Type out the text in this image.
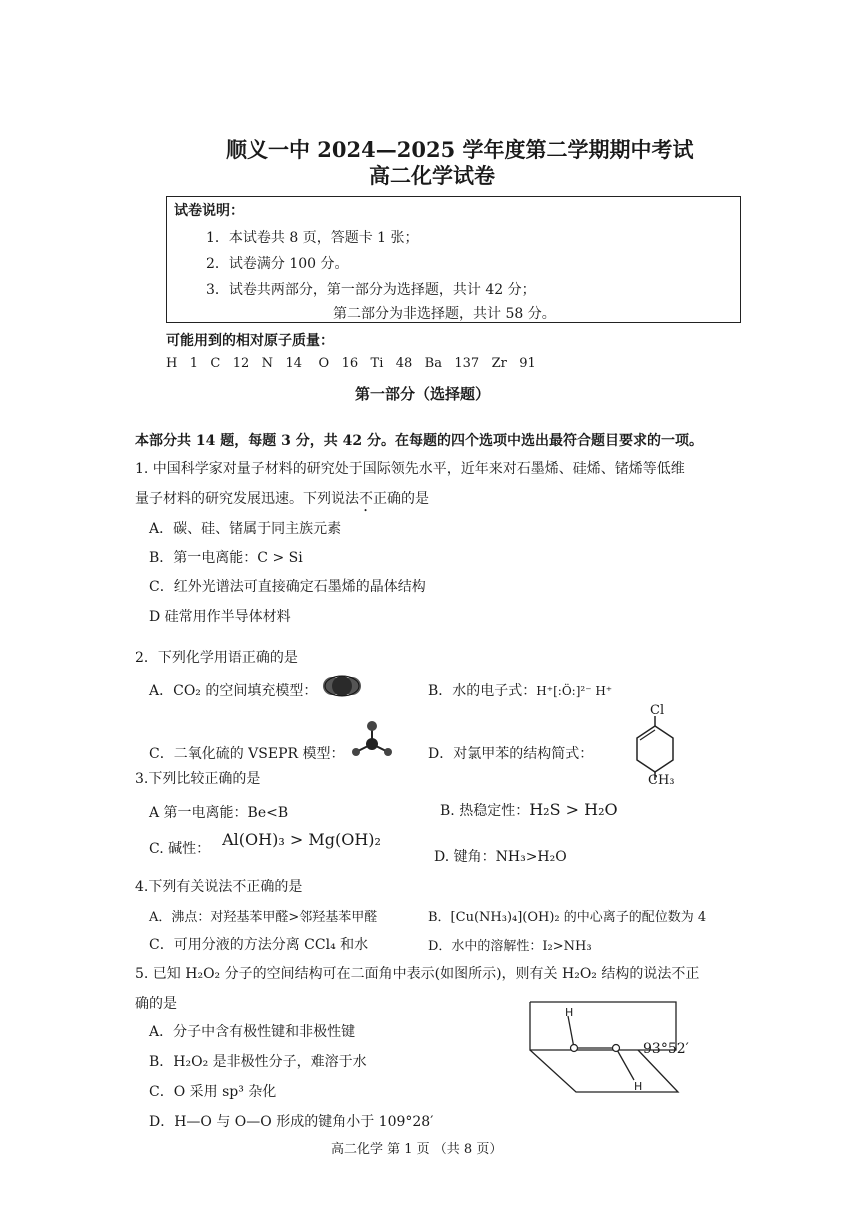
顺义一中 2024—2025 学年度第二学期期中考试
高二化学试卷
试卷说明：
1．本试卷共 8 页，答题卡 1 张；
2．试卷满分 100 分。
3．试卷共两部分，第一部分为选择题，共计 42 分；
第二部分为非选择题，共计 58 分。
可能用到的相对原子质量：
H   1   C   12   N   14    O   16   Ti   48   Ba   137   Zr   91
第一部分（选择题）
本部分共 14 题，每题 3 分，共 42 分。在每题的四个选项中选出最符合题目要求的一项。
1. 中国科学家对量子材料的研究处于国际领先水平，近年来对石墨烯、硅烯、锗烯等低维
量子材料的研究发展迅速。下列说法不正确的是
A．碳、硅、锗属于同主族元素
B．第一电离能：C > Si
C．红外光谱法可直接确定石墨烯的晶体结构
D 硅常用作半导体材料
2．下列化学用语正确的是
A．CO₂ 的空间填充模型：	B．水的电子式：H⁺[:Ö:]²⁻ H⁺
C．二氧化硫的 VSEPR 模型：	D．对氯甲苯的结构简式：
Cl
CH₃
3.下列比较正确的是
A 第一电离能：Be<B	B. 热稳定性：H₂S > H₂O
C. 碱性： Al(OH)₃ > Mg(OH)₂
D. 键角：NH₃>H₂O
4.下列有关说法不正确的是
A．沸点：对羟基苯甲醛>邻羟基苯甲醛	B．[Cu(NH₃)₄](OH)₂ 的中心离子的配位数为 4
C．可用分液的方法分离 CCl₄ 和水	D．水中的溶解性：I₂>NH₃
5. 已知 H₂O₂ 分子的空间结构可在二面角中表示(如图所示)，则有关 H₂O₂ 结构的说法不正
确的是
A．分子中含有极性键和非极性键
B．H₂O₂ 是非极性分子，难溶于水
C．O 采用 sp³ 杂化
D．H—O 与 O—O 形成的键角小于 109°28′
H
H
93°52′
高二化学 第 1 页 （共 8 页）
